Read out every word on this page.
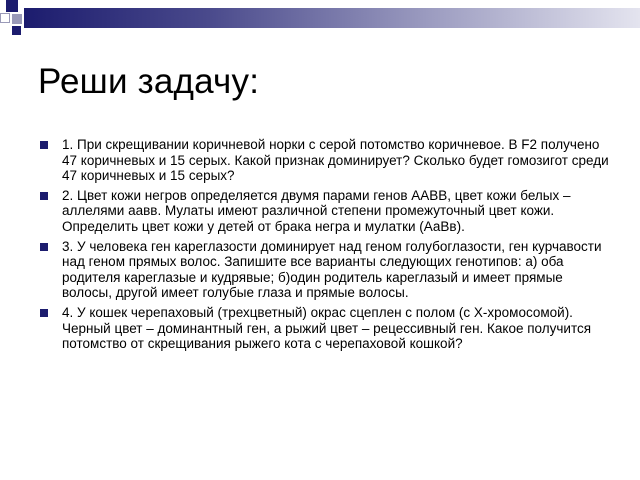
Реши задачу:
1. При скрещивании коричневой норки с серой потомство коричневое. В F2 получено 47 коричневых и 15 серых. Какой признак доминирует? Сколько будет гомозигот среди 47 коричневых и 15 серых?
2. Цвет кожи негров определяется двумя парами генов ААВВ, цвет кожи белых – аллелями аавв. Мулаты имеют различной степени промежуточный цвет кожи. Определить цвет кожи у детей от брака негра и мулатки (АаВв).
3. У человека ген кареглазости доминирует над геном голубоглазости, ген курчавости над геном прямых волос. Запишите все варианты следующих генотипов: а) оба родителя кареглазые и кудрявые; б)один родитель кареглазый и имеет прямые волосы, другой имеет голубые глаза и прямые волосы.
4. У кошек черепаховый (трехцветный) окрас сцеплен с полом (с Х-хромосомой). Черный цвет – доминантный ген, а рыжий цвет – рецессивный ген. Какое получится потомство от скрещивания рыжего кота с черепаховой кошкой?
